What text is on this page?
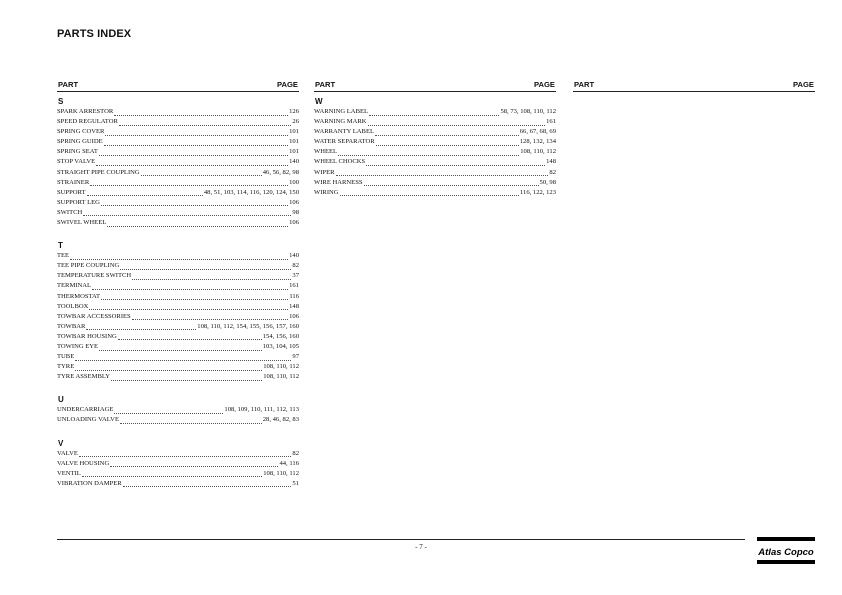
PARTS INDEX
PART	PAGE
S
SPARK ARRESTOR	126
SPEED REGULATOR	26
SPRING COVER	101
SPRING GUIDE	101
SPRING SEAT	101
STOP VALVE	140
STRAIGHT PIPE COUPLING	46, 56, 82, 98
STRAINER	100
SUPPORT	48, 51, 103, 114, 116, 120, 124, 150
SUPPORT LEG	106
SWITCH	98
SWIVEL WHEEL	106
T
TEE	140
TEE PIPE COUPLING	82
TEMPERATURE SWITCH	37
TERMINAL	161
THERMOSTAT	116
TOOLBOX	148
TOWBAR ACCESSORIES	106
TOWBAR	108, 110, 112, 154, 155, 156, 157, 160
TOWBAR HOUSING	154, 156, 160
TOWING EYE	103, 104, 105
TUBE	97
TYRE	108, 110, 112
TYRE ASSEMBLY	108, 110, 112
U
UNDERCARRIAGE	108, 109, 110, 111, 112, 113
UNLOADING VALVE	28, 46, 82, 83
V
VALVE	82
VALVE HOUSING	44, 116
VENTIL	108, 110, 112
VIBRATION DAMPER	51
PART	PAGE
W
WARNING LABEL	58, 73, 108, 110, 112
WARNING MARK	161
WARRANTY LABEL	66, 67, 68, 69
WATER SEPARATOR	128, 132, 134
WHEEL	108, 110, 112
WHEEL CHOCKS	148
WIPER	82
WIRE HARNESS	50, 98
WIRING	116, 122, 123
PART	PAGE
- 7 -	Atlas Copco
